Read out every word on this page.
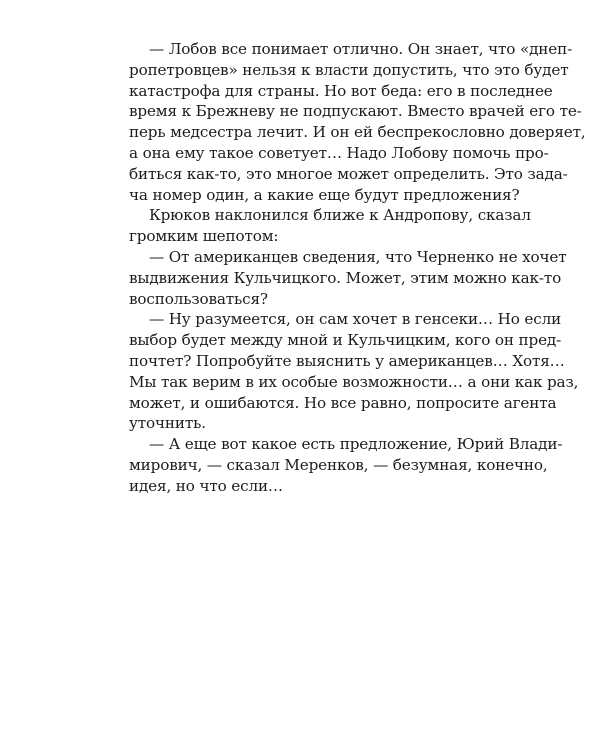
— Лобов все понимает отлично. Он знает, что «днеп-
ропетровцев» нельзя к власти допустить, что это будет
катастрофа для страны. Но вот беда: его в последнее
время к Брежневу не подпускают. Вместо врачей его те-
перь медсестра лечит. И он ей беспрекословно доверяет,
а она ему такое советует… Надо Лобову помочь про-
биться как-то, это многое может определить. Это зада-
ча номер один, а какие еще будут предложения?
Крюков наклонился ближе к Андропову, сказал
громким шепотом:
— От американцев сведения, что Черненко не хочет
выдвижения Кульчицкого. Может, этим можно как-то
воспользоваться?
— Ну разумеется, он сам хочет в генсеки… Но если
выбор будет между мной и Кульчицким, кого он пред-
почтет? Попробуйте выяснить у американцев… Хотя…
Мы так верим в их особые возможности… а они как раз,
может, и ошибаются. Но все равно, попросите агента
уточнить.
— А еще вот какое есть предложение, Юрий Влади-
мирович, — сказал Меренков, — безумная, конечно,
идея, но что если…
